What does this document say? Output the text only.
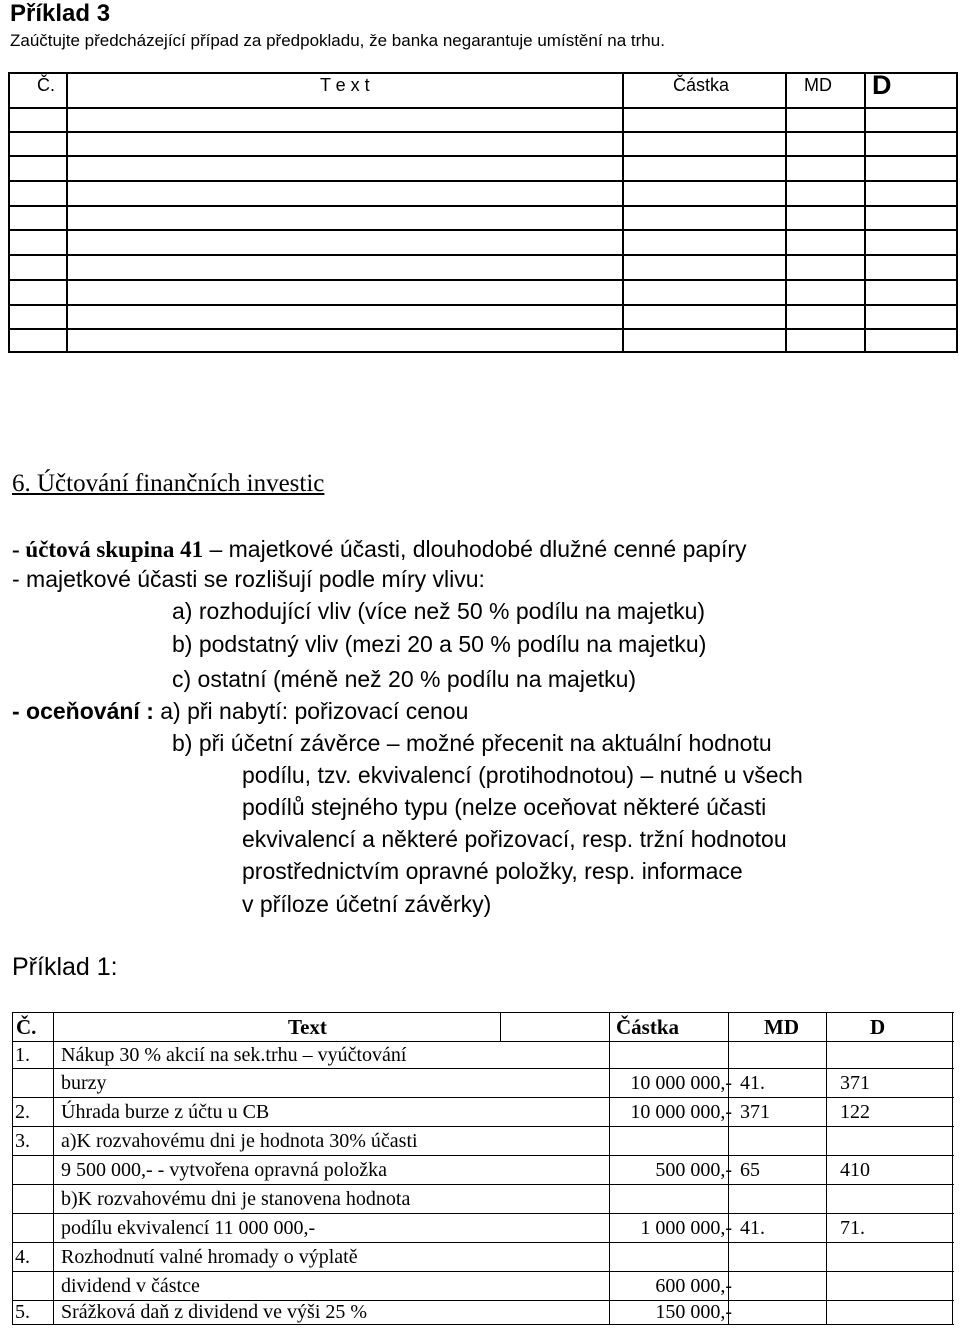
Příklad 3
Zaúčtujte předcházející případ za předpokladu, že banka negarantuje umístění na trhu.
Č.	T e x t	Částka	MD D
6. Účtování finančních investic
- účtová skupina 41 – majetkové účasti, dlouhodobé dlužné cenné papíry
- majetkové účasti se rozlišují podle míry vlivu:
a) rozhodující vliv (více než 50 % podílu na majetku)
b) podstatný vliv (mezi 20 a 50 % podílu na majetku)
c) ostatní (méně než 20 % podílu na majetku)
- oceňování : a) při nabytí: pořizovací cenou
b) při účetní závěrce – možné přecenit na aktuální hodnotu
podílu, tzv. ekvivalencí (protihodnotou) – nutné u všech
podílů stejného typu (nelze oceňovat některé účasti
ekvivalencí a některé pořizovací, resp. tržní hodnotou
prostřednictvím opravné položky, resp. informace
v příloze účetní závěrky)
Příklad 1:
Č.	Text	Částka	MD	D
1. Nákup 30 % akcií na sek.trhu – vyúčtování
burzy	10 000 000,- 41.	371
2. Úhrada burze z účtu u CB	10 000 000,- 371	122
3. a)K rozvahovému dni je hodnota 30% účasti
9 500 000,- - vytvořena opravná položka	500 000,- 65	410
b)K rozvahovému dni je stanovena hodnota
podílu ekvivalencí 11 000 000,-	1 000 000,- 41.	71.
4. Rozhodnutí valné hromady o výplatě
dividend v částce	600 000,-
5. Srážková daň z dividend ve výši 25 %	150 000,-
